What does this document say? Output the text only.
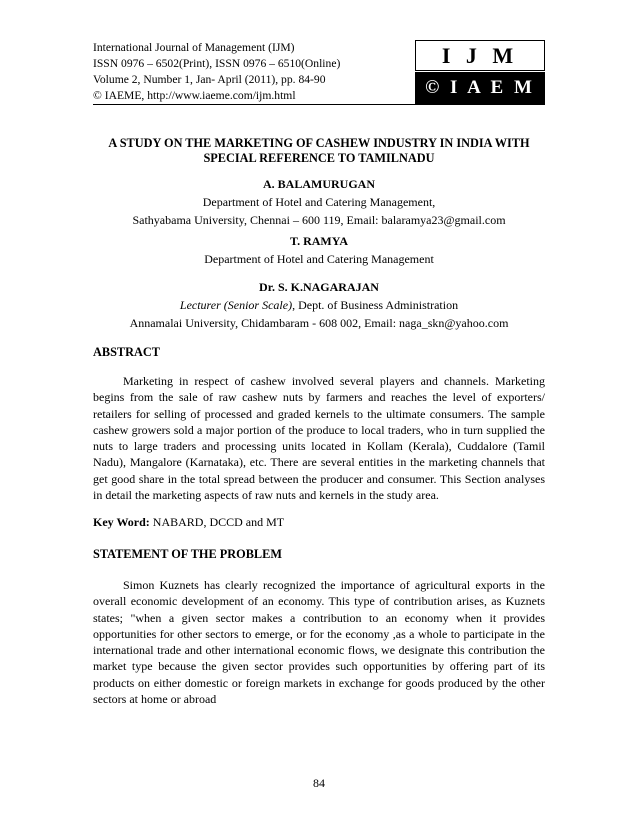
International Journal of Management (IJM)
ISSN 0976 – 6502(Print), ISSN 0976 – 6510(Online)
Volume 2, Number 1, Jan- April (2011), pp. 84-90
© IAEME, http://www.iaeme.com/ijm.html
I J M
© I A E M E
A STUDY ON THE MARKETING OF CASHEW INDUSTRY IN INDIA WITH
SPECIAL REFERENCE TO TAMILNADU
A. BALAMURUGAN
Department of Hotel and Catering Management,
Sathyabama University, Chennai – 600 119, Email: balaramya23@gmail.com
T. RAMYA
Department of Hotel and Catering Management
Dr. S. K.NAGARAJAN
Lecturer (Senior Scale), Dept. of Business Administration
Annamalai University, Chidambaram - 608 002, Email: naga_skn@yahoo.com
ABSTRACT

Marketing in respect of cashew involved several players and channels. Marketing begins from the sale of raw cashew nuts by farmers and reaches the level of exporters/ retailers for selling of processed and graded kernels to the ultimate consumers. The sample cashew growers sold a major portion of the produce to local traders, who in turn supplied the nuts to large traders and processing units located in Kollam (Kerala), Cuddalore (Tamil Nadu), Mangalore (Karnataka), etc. There are several entities in the marketing channels that get good share in the total spread between the producer and consumer. This Section analyses in detail the marketing aspects of raw nuts and kernels in the study area.

Key Word: NABARD, DCCD and MT
STATEMENT OF THE PROBLEM

Simon Kuznets has clearly recognized the importance of agricultural exports in the overall economic development of an economy. This type of contribution arises, as Kuznets states; "when a given sector makes a contribution to an economy when it provides opportunities for other sectors to emerge, or for the economy ,as a whole to participate in the international trade and other international economic flows, we designate this contribution the market type because the given sector provides such opportunities by offering part of its products on either domestic or foreign markets in exchange for goods produced by the other sectors at home or abroad

84
